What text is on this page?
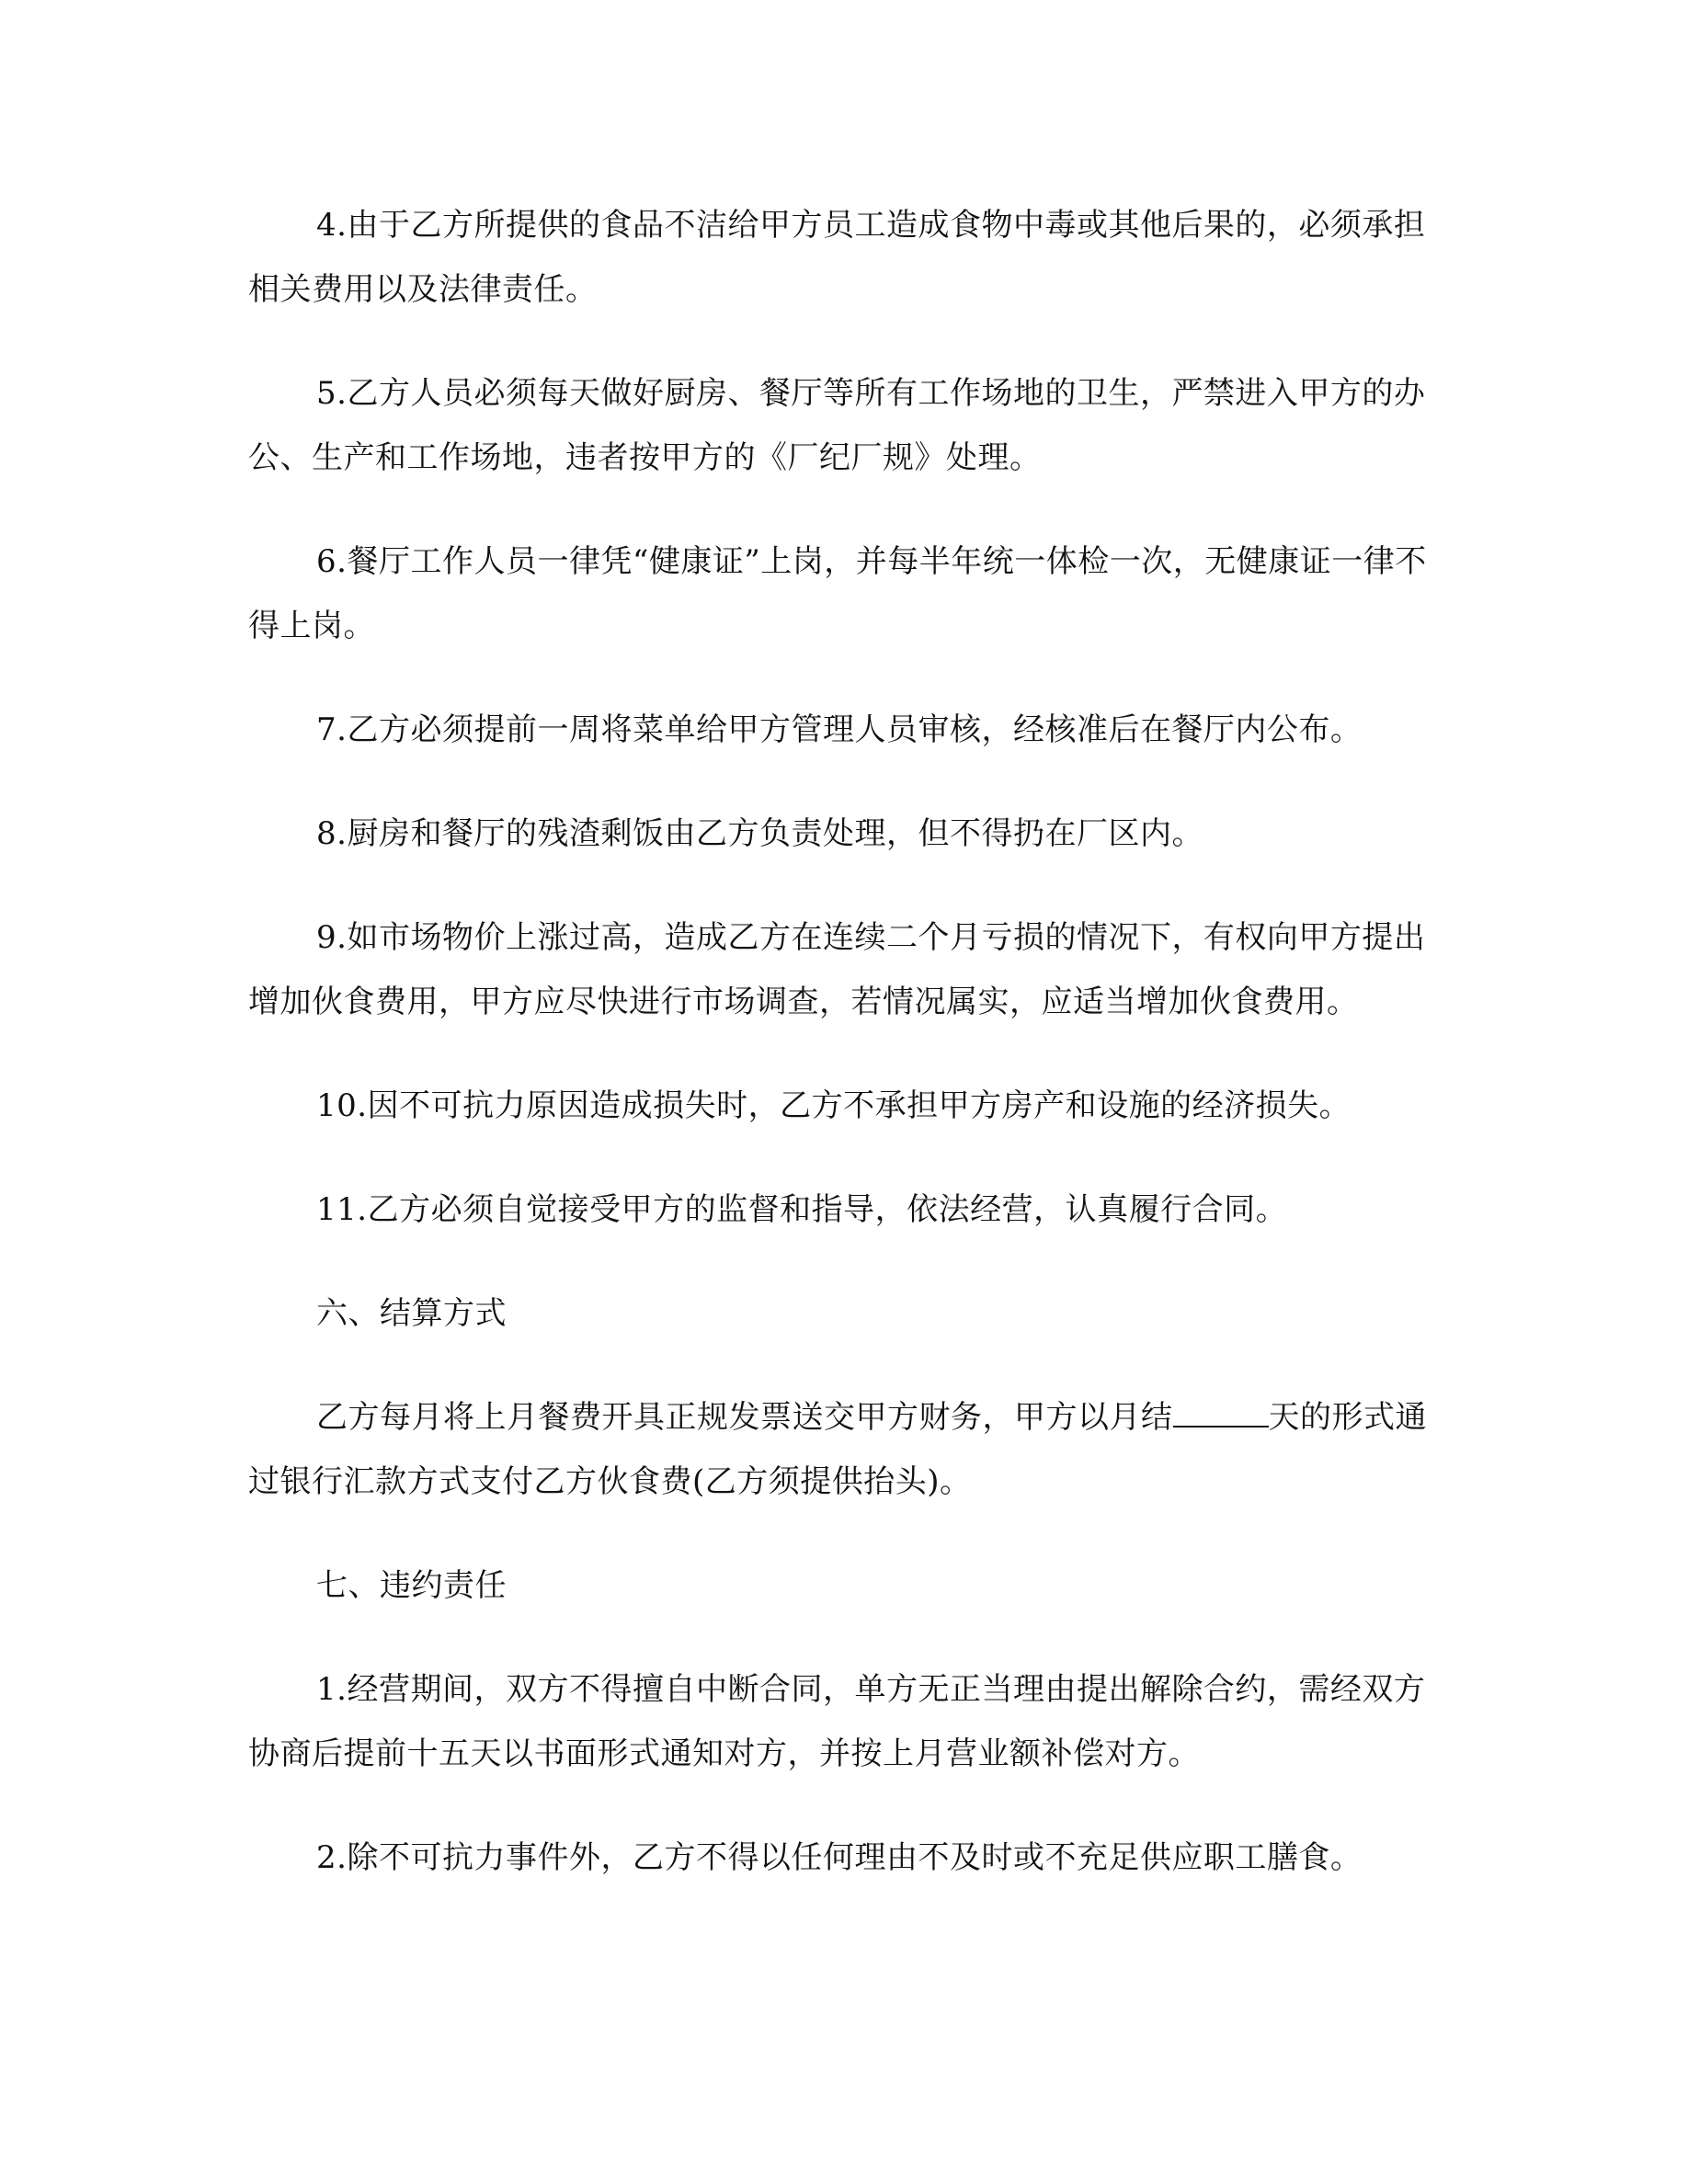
4.由于乙方所提供的食品不洁给甲方员工造成食物中毒或其他后果的，必须承担相关费用以及法律责任。

5.乙方人员必须每天做好厨房、餐厅等所有工作场地的卫生，严禁进入甲方的办公、生产和工作场地，违者按甲方的《厂纪厂规》处理。

6.餐厅工作人员一律凭“健康证”上岗，并每半年统一体检一次，无健康证一律不得上岗。

7.乙方必须提前一周将菜单给甲方管理人员审核，经核准后在餐厅内公布。

8.厨房和餐厅的残渣剩饭由乙方负责处理，但不得扔在厂区内。

9.如市场物价上涨过高，造成乙方在连续二个月亏损的情况下，有权向甲方提出增加伙食费用，甲方应尽快进行市场调查，若情况属实，应适当增加伙食费用。

10.因不可抗力原因造成损失时，乙方不承担甲方房产和设施的经济损失。

11.乙方必须自觉接受甲方的监督和指导，依法经营，认真履行合同。

六、结算方式

乙方每月将上月餐费开具正规发票送交甲方财务，甲方以月结	天的形式通过银行汇款方式支付乙方伙食费(乙方须提供抬头)。

七、违约责任

1.经营期间，双方不得擅自中断合同，单方无正当理由提出解除合约，需经双方协商后提前十五天以书面形式通知对方，并按上月营业额补偿对方。

2.除不可抗力事件外，乙方不得以任何理由不及时或不充足供应职工膳食。
